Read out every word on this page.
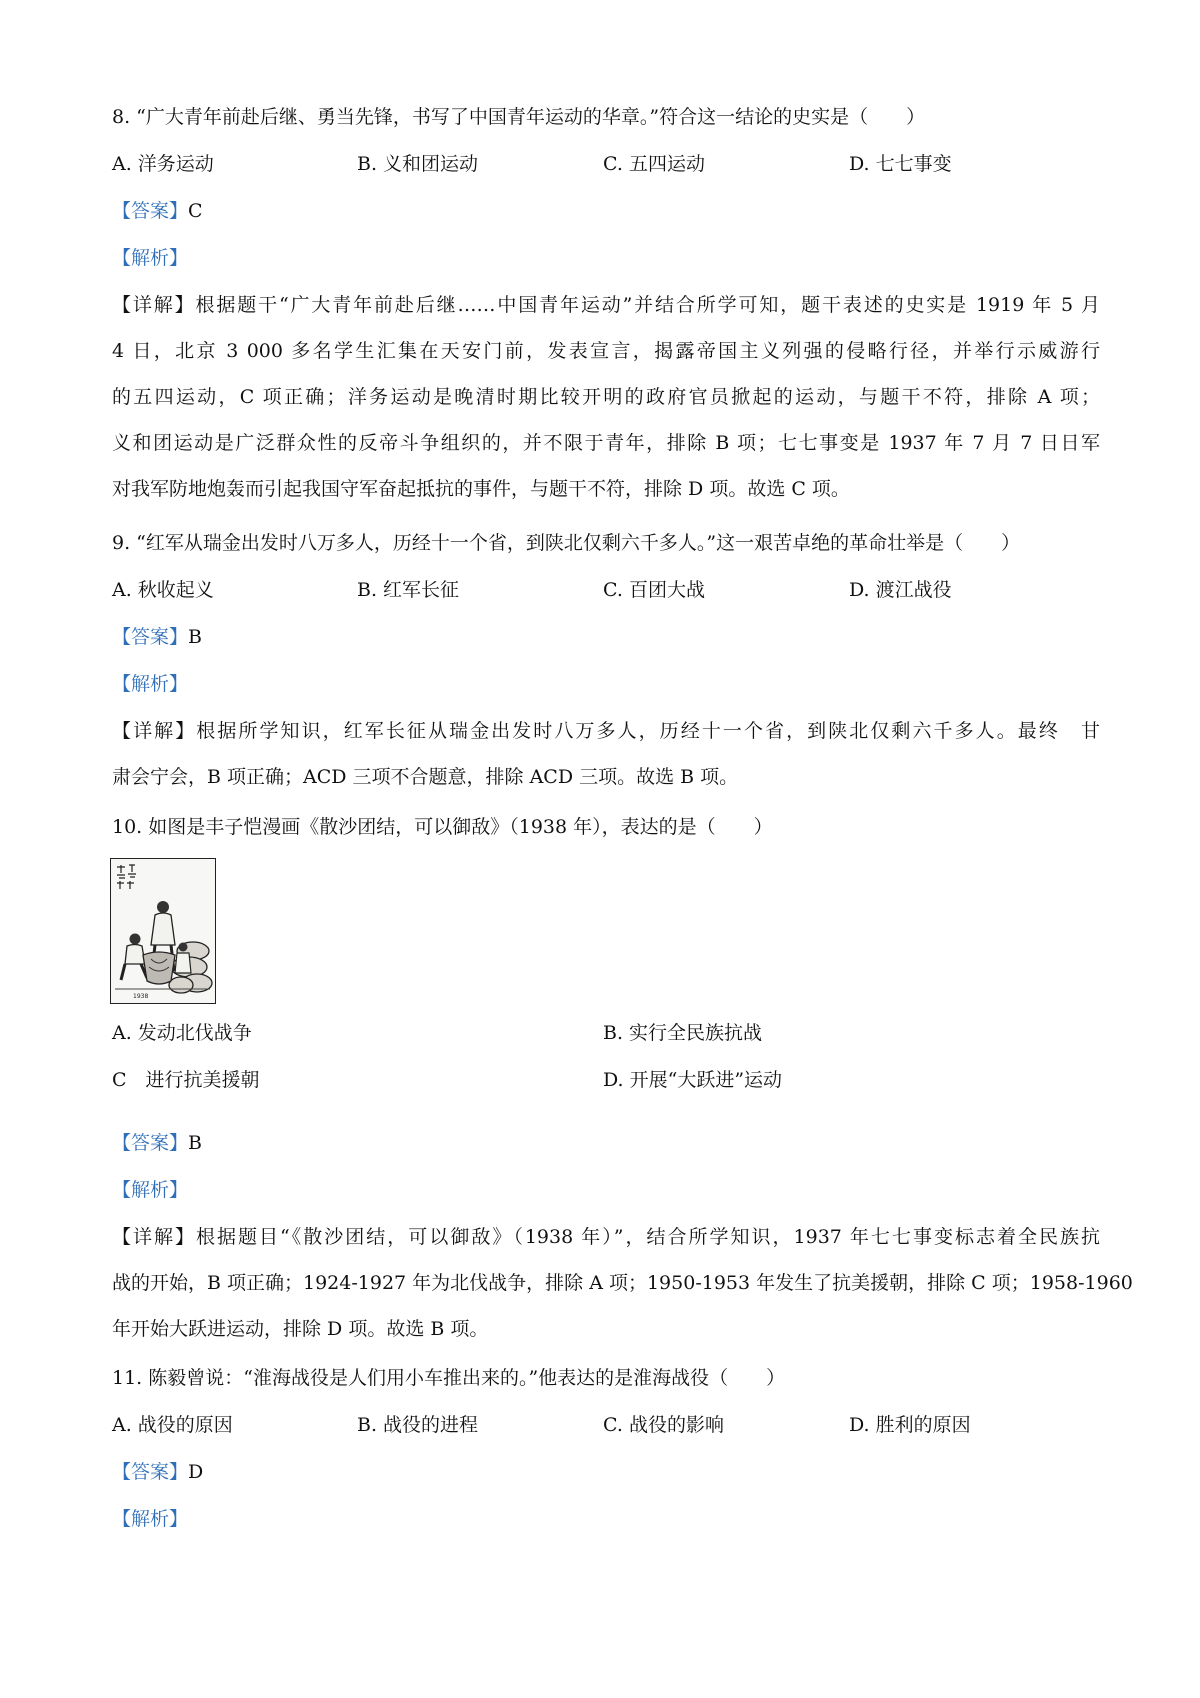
8. “广大青年前赴后继、勇当先锋，书写了中国青年运动的华章。”符合这一结论的史实是（　　）
A. 洋务运动	B. 义和团运动	C. 五四运动	D. 七七事变
【答案】C
【解析】
【详解】根据题干“广大青年前赴后继……中国青年运动”并结合所学可知，题干表述的史实是 1919 年 5 月
4 日，北京 3 000 多名学生汇集在天安门前，发表宣言，揭露帝国主义列强的侵略行径，并举行示威游行
的五四运动，C 项正确；洋务运动是晚清时期比较开明的政府官员掀起的运动，与题干不符，排除 A 项；
义和团运动是广泛群众性的反帝斗争组织的，并不限于青年，排除 B 项；七七事变是 1937 年 7 月 7 日日军
对我军防地炮轰而引起我国守军奋起抵抗的事件，与题干不符，排除 D 项。故选 C 项。
9. “红军从瑞金出发时八万多人，历经十一个省，到陕北仅剩六千多人。”这一艰苦卓绝的革命壮举是（　　）
A. 秋收起义	B. 红军长征	C. 百团大战	D. 渡江战役
【答案】B
【解析】
【详解】根据所学知识，红军长征从瑞金出发时八万多人，历经十一个省，到陕北仅剩六千多人。最终　甘
肃会宁会，B 项正确；ACD 三项不合题意，排除 ACD 三项。故选 B 项。
10. 如图是丰子恺漫画《散沙团结，可以御敌》（1938 年），表达的是（　　）
1938
A. 发动北伐战争	B. 实行全民族抗战
C　进行抗美援朝	D. 开展“大跃进”运动
【答案】B
【解析】
【详解】根据题目“《散沙团结，可以御敌》（1938 年）”，结合所学知识，1937 年七七事变标志着全民族抗
战的开始，B 项正确；1924-1927 年为北伐战争，排除 A 项；1950-1953 年发生了抗美援朝，排除 C 项；1958-1960
年开始大跃进运动，排除 D 项。故选 B 项。
11. 陈毅曾说：“淮海战役是人们用小车推出来的。”他表达的是淮海战役（　　）
A. 战役的原因	B. 战役的进程	C. 战役的影响	D. 胜利的原因
【答案】D
【解析】
